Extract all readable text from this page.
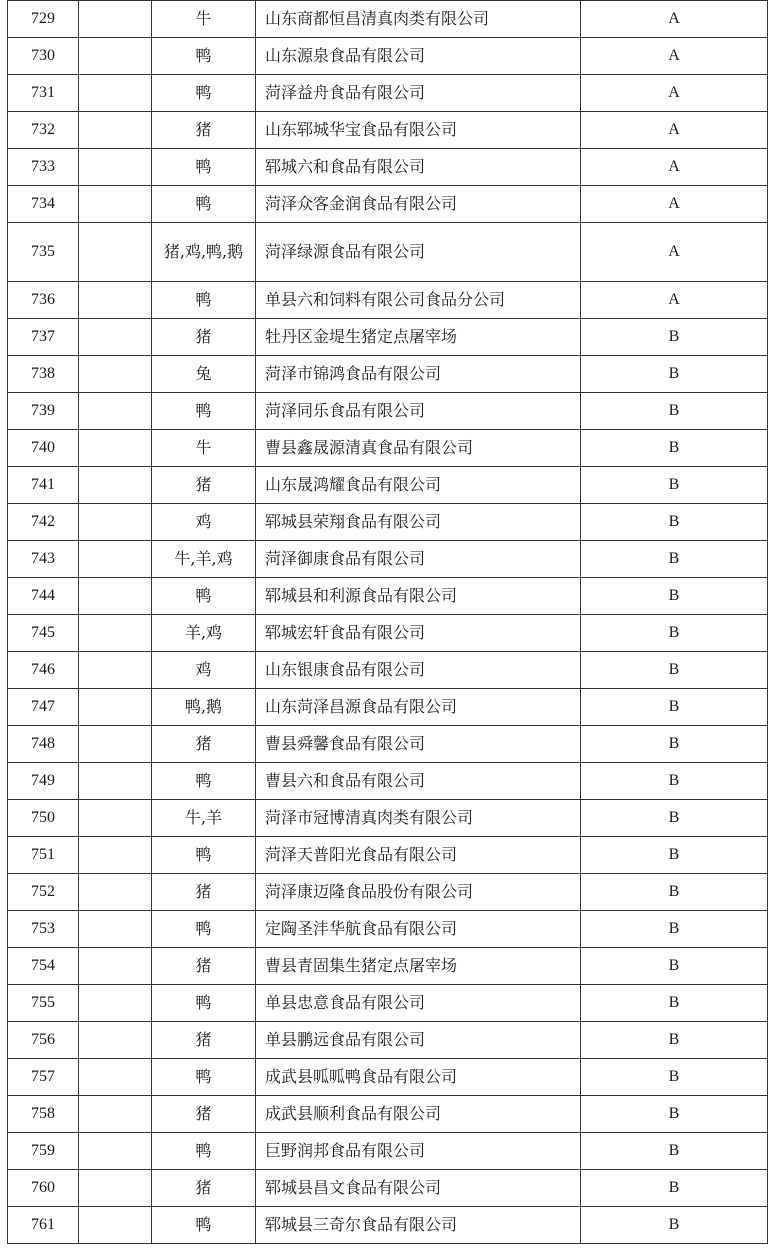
729		牛	山东商都恒昌清真肉类有限公司	A
730		鸭	山东源泉食品有限公司	A
731		鸭	菏泽益舟食品有限公司	A
732		猪	山东郓城华宝食品有限公司	A
733		鸭	郓城六和食品有限公司	A
734		鸭	菏泽众客金润食品有限公司	A
735		猪,鸡,鸭,鹅	菏泽绿源食品有限公司	A
736		鸭	单县六和饲料有限公司食品分公司	A
737		猪	牡丹区金堤生猪定点屠宰场	B
738		兔	菏泽市锦鸿食品有限公司	B
739		鸭	菏泽同乐食品有限公司	B
740		牛	曹县鑫晟源清真食品有限公司	B
741		猪	山东晟鸿耀食品有限公司	B
742		鸡	郓城县荣翔食品有限公司	B
743		牛,羊,鸡	菏泽御康食品有限公司	B
744		鸭	郓城县和利源食品有限公司	B
745		羊,鸡	郓城宏轩食品有限公司	B
746		鸡	山东银康食品有限公司	B
747		鸭,鹅	山东菏泽昌源食品有限公司	B
748		猪	曹县舜馨食品有限公司	B
749		鸭	曹县六和食品有限公司	B
750		牛,羊	菏泽市冠博清真肉类有限公司	B
751		鸭	菏泽天普阳光食品有限公司	B
752		猪	菏泽康迈隆食品股份有限公司	B
753		鸭	定陶圣沣华航食品有限公司	B
754		猪	曹县青固集生猪定点屠宰场	B
755		鸭	单县忠意食品有限公司	B
756		猪	单县鹏远食品有限公司	B
757		鸭	成武县呱呱鸭食品有限公司	B
758		猪	成武县顺利食品有限公司	B
759		鸭	巨野润邦食品有限公司	B
760		猪	郓城县昌文食品有限公司	B
761		鸭	郓城县三奇尔食品有限公司	B
